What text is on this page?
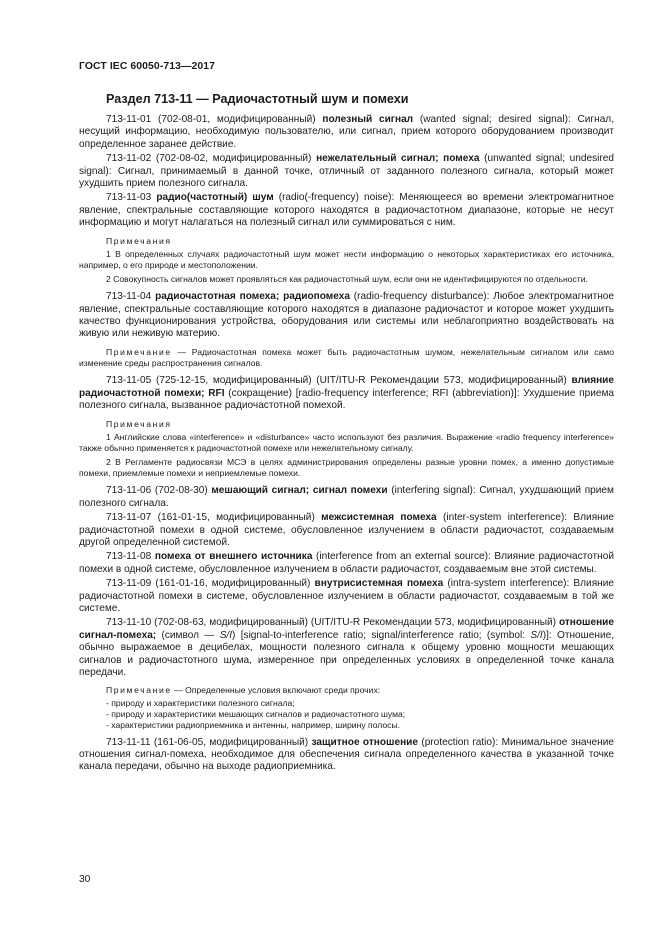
ГОСТ IEC 60050-713—2017
Раздел 713-11 — Радиочастотный шум и помехи

713-11-01 (702-08-01, модифицированный) полезный сигнал (wanted signal; desired signal): Сигнал, несущий информацию, необходимую пользователю, или сигнал, прием которого оборудованием производит определенное заранее действие.

713-11-02 (702-08-02, модифицированный) нежелательный сигнал; помеха (unwanted signal; undesired signal): Сигнал, принимаемый в данной точке, отличный от заданного полезного сигнала, который может ухудшить прием полезного сигнала.

713-11-03 радио(частотный) шум (radio(-frequency) noise): Меняющееся во времени электромагнитное явление, спектральные составляющие которого находятся в радиочастотном диапазоне, которые не несут информацию и могут налагаться на полезный сигнал или суммироваться с ним.

Примечания

1 В определенных случаях радиочастотный шум может нести информацию о некоторых характеристиках его источника, например, о его природе и местоположении.

2 Совокупность сигналов может проявляться как радиочастотный шум, если они не идентифицируются по отдельности.

713-11-04 радиочастотная помеха; радиопомеха (radio-frequency disturbance): Любое электромагнитное явление, спектральные составляющие которого находятся в диапазоне радиочастот и которое может ухудшить качество функционирования устройства, оборудования или системы или неблагоприятно воздействовать на живую или неживую материю.

Примечание — Радиочастотная помеха может быть радиочастотным шумом, нежелательным сигналом или само изменение среды распространения сигналов.

713-11-05 (725-12-15, модифицированный) (UIT/ITU-R Рекомендации 573, модифицированный) влияние радиочастотной помехи; RFI (сокращение) [radio-frequency interference; RFI (abbreviation)]: Ухудшение приема полезного сигнала, вызванное радиочастотной помехой.

Примечания

1 Английские слова «interference» и «disturbance» часто используют без различия. Выражение «radio frequency interference» также обычно применяется к радиочастотной помехе или нежелательному сигналу.

2 В Регламенте радиосвязи МСЭ в целях администрирования определены разные уровни помех, а именно допустимые помехи, приемлемые помехи и неприемлемые помехи.

713-11-06 (702-08-30) мешающий сигнал; сигнал помехи (interfering signal): Сигнал, ухудшающий прием полезного сигнала.

713-11-07 (161-01-15, модифицированный) межсистемная помеха (inter-system interference): Влияние радиочастотной помехи в одной системе, обусловленное излучением в области радиочастот, создаваемым другой определенной системой.

713-11-08 помеха от внешнего источника (interference from an external source): Влияние радиочастотной помехи в одной системе, обусловленное излучением в области радиочастот, создаваемым вне этой системы.

713-11-09 (161-01-16, модифицированный) внутрисистемная помеха (intra-system interference): Влияние радиочастотной помехи в системе, обусловленное излучением в области радиочастот, создаваемым в той же системе.

713-11-10 (702-08-63, модифицированный) (UIT/ITU-R Рекомендации 573, модифицированный) отношение сигнал-помеха; (символ — S/I) [signal-to-interference ratio; signal/interference ratio; (symbol: S/I)]: Отношение, обычно выражаемое в децибелах, мощности полезного сигнала к общему уровню мощности мешающих сигналов и радиочастотного шума, измеренное при определенных условиях в определенной точке канала передачи.

Примечание — Определенные условия включают среди прочих:

- природу и характеристики полезного сигнала;
- природу и характеристики мешающих сигналов и радиочастотного шума;
- характеристики радиоприемника и антенны, например, ширину полосы.

713-11-11 (161-06-05, модифицированный) защитное отношение (protection ratio): Минимальное значение отношения сигнал-помеха, необходимое для обеспечения сигнала определенного качества в указанной точке канала передачи, обычно на выходе радиоприемника.

30
